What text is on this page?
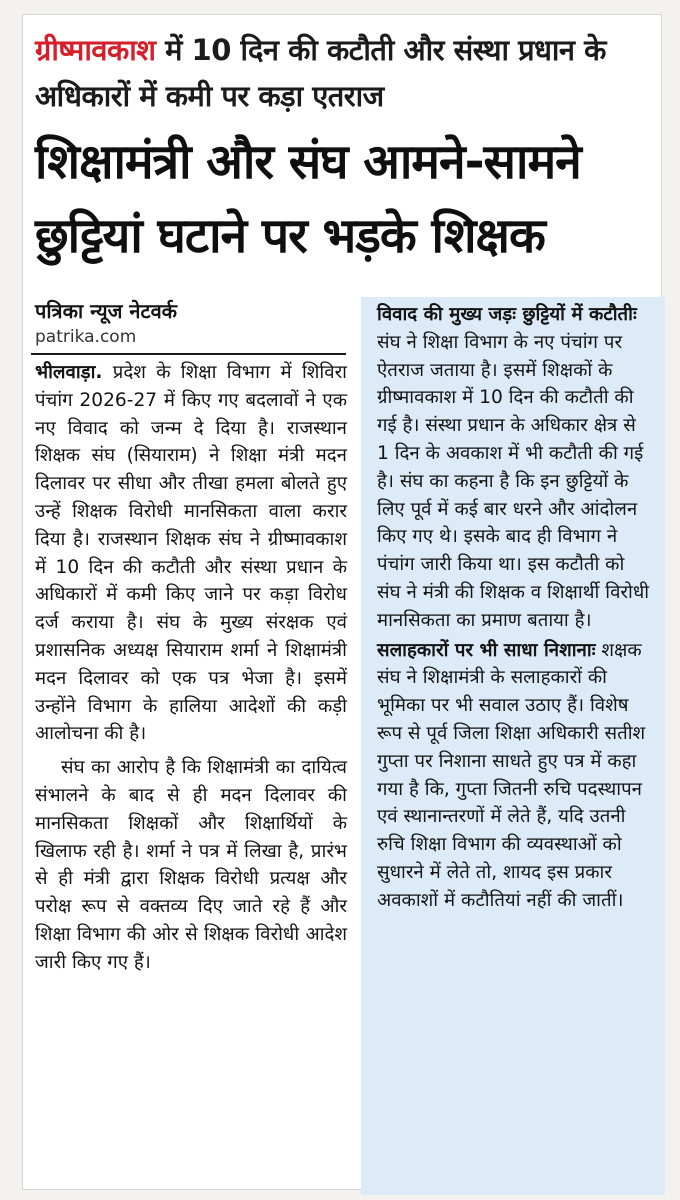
ग्रीष्मावकाश में 10 दिन की कटौती और संस्था प्रधान के अधिकारों में कमी पर कड़ा एतराज
शिक्षामंत्री और संघ आमने-सामने
छुट्टियां घटाने पर भड़के शिक्षक
पत्रिका न्यूज नेटवर्क
patrika.com

भीलवाड़ा. प्रदेश के शिक्षा विभाग में शिविरा पंचांग 2026-27 में किए गए बदलावों ने एक नए विवाद को जन्म दे दिया है। राजस्थान शिक्षक संघ (सियाराम) ने शिक्षा मंत्री मदन दिलावर पर सीधा और तीखा हमला बोलते हुए उन्हें शिक्षक विरोधी मानसिकता वाला करार दिया है। राजस्थान शिक्षक संघ ने ग्रीष्मावकाश में 10 दिन की कटौती और संस्था प्रधान के अधिकारों में कमी किए जाने पर कड़ा विरोध दर्ज कराया है। संघ के मुख्य संरक्षक एवं प्रशासनिक अध्यक्ष सियाराम शर्मा ने शिक्षामंत्री मदन दिलावर को एक पत्र भेजा है। इसमें उन्होंने विभाग के हालिया आदेशों की कड़ी आलोचना की है।

संघ का आरोप है कि शिक्षामंत्री का दायित्व संभालने के बाद से ही मदन दिलावर की मानसिकता शिक्षकों और शिक्षार्थियों के खिलाफ रही है। शर्मा ने पत्र में लिखा है, प्रारंभ से ही मंत्री द्वारा शिक्षक विरोधी प्रत्यक्ष और परोक्ष रूप से वक्तव्य दिए जाते रहे हैं और शिक्षा विभाग की ओर से शिक्षक विरोधी आदेश जारी किए गए हैं।

विवाद की मुख्य जड़ः छुट्टियों में कटौतीः संघ ने शिक्षा विभाग के नए पंचांग पर ऐतराज जताया है। इसमें शिक्षकों के ग्रीष्मावकाश में 10 दिन की कटौती की गई है। संस्था प्रधान के अधिकार क्षेत्र से 1 दिन के अवकाश में भी कटौती की गई है। संघ का कहना है कि इन छुट्टियों के लिए पूर्व में कई बार धरने और आंदोलन किए गए थे। इसके बाद ही विभाग ने पंचांग जारी किया था। इस कटौती को संघ ने मंत्री की शिक्षक व शिक्षार्थी विरोधी मानसिकता का प्रमाण बताया है।

सलाहकारों पर भी साधा निशानाः शक्षक संघ ने शिक्षामंत्री के सलाहकारों की भूमिका पर भी सवाल उठाए हैं। विशेष रूप से पूर्व जिला शिक्षा अधिकारी सतीश गुप्ता पर निशाना साधते हुए पत्र में कहा गया है कि, गुप्ता जितनी रुचि पदस्थापन एवं स्थानान्तरणों में लेते हैं, यदि उतनी रुचि शिक्षा विभाग की व्यवस्थाओं को सुधारने में लेते तो, शायद इस प्रकार अवकाशों में कटौतियां नहीं की जातीं।
